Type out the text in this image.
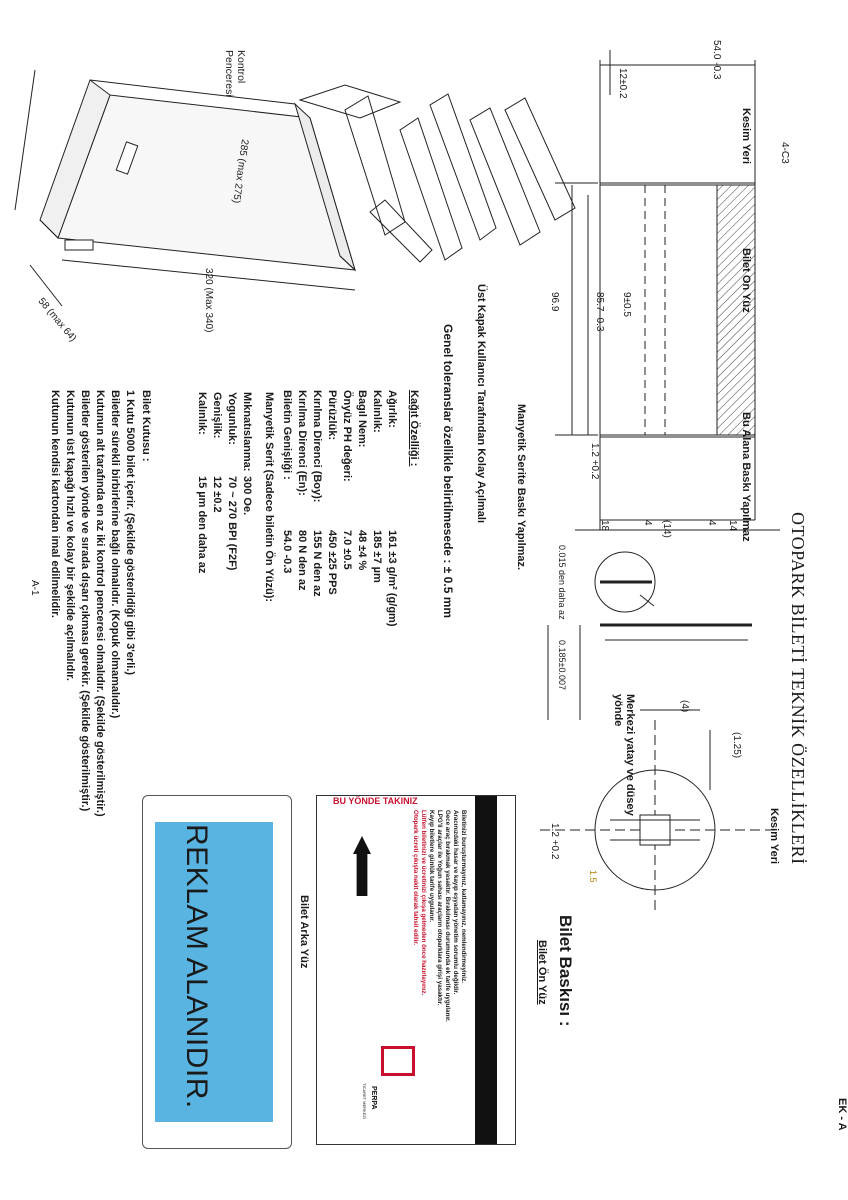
EK - A
OTOPARK BİLETİ TEKNİK ÖZELLİKLERİ
Kontrol
Penceresi
285 (max 275)
320 (Max 340)
58 (max 64)
Kesim Yeri
Kesim Yeri
Bilet On Yüz
Bu Alana Baskı Yapılmaz
Manyetik Serite Baskı Yapılmaz.
Üst Kapak Kullanıcı Tarafından Kolay Açılmalı
54.0 -0.3
12±0.2
4-C3
96.9	85.7 -0.3 9±0.5
1.2 +0.2
18	4 (14)	4 14
0.015 den daha az
0.185±0.007
Merkezi yatay ve düsey yönde	(4)
(1.25)
1.2 +0.2
1.5
Genel toleranslar özellikle belirtilmesede : ± 0.5 mm
Kağıt Özelliği :
Ağırlık:161 ±3 g/m² (g/gm)
Kalınlık:185 ±7 µm
Bagıl Nem:48 ±4 %
Önyüz PH değeri:7.0 ±0.5
Pürüzlük:450 ±25 PPS
Kırılma Direnci (Boy):155 N den az
Kırılma Direnci (En):80 N den az
Biletin Genişliği :54.0 -0.3
Manyetik Serit (Sadece biletin Ön Yüzü):
Mıknatıslanma:300 Oe.
Yogunluk:70 ~ 270 BPI (F2F)
Genişlik:12 ±0.2
Kalınlık:15 µm den daha az
Bilet Kutusu :
1 Kutu 5000 bilet içerir. (Şekilde gösterildiği gibi 3'erli.)
Biletler sürekli birbirlerine bağlı olmalıdır. (Kopuk olmamalıdır.)
Kutunun alt tarafında en az iki kontrol penceresi olmalıdır. (Şekilde gösterilmiştir.)
Biletler gösterilen yönde ve sırada dışarı çıkması gerekir. (Şekilde gösterilmiştir.)
Kutunun üst kapağı hızlı ve kolay bir şekilde açılmalıdır.
Kutunun kendisi kartondan imal edilmelidir.
A-1
Bilet Baskısı :
Bilet Ön Yüz
Bilet Arka Yüz
BU YÖNDE TAKINIZ
Biletinizi buruşturmayınız, katlamayınız, nemlendirmeyiniz.
Aracınızdaki hasar ve kayıp eşyadan yönetim sorumlu değildir.
Gece araç bırakmak yasaktır. Bırakılması durumunda ek tarife uygulanır.
LPG'li araçlar ile Yoğun sahası araçların otoparklara girişi yasaktır.
Kayıp biletlere günlük tarife uygulanır.
Lütfen biletinizi ve ücretinizi çıkışa gelmeden önce hazırlayınız.
Otopark ücreti çıkışta nakit olarak tahsil edilir.
PERPA
TİCARET MERKEZİ
REKLAM ALANIDIR.
